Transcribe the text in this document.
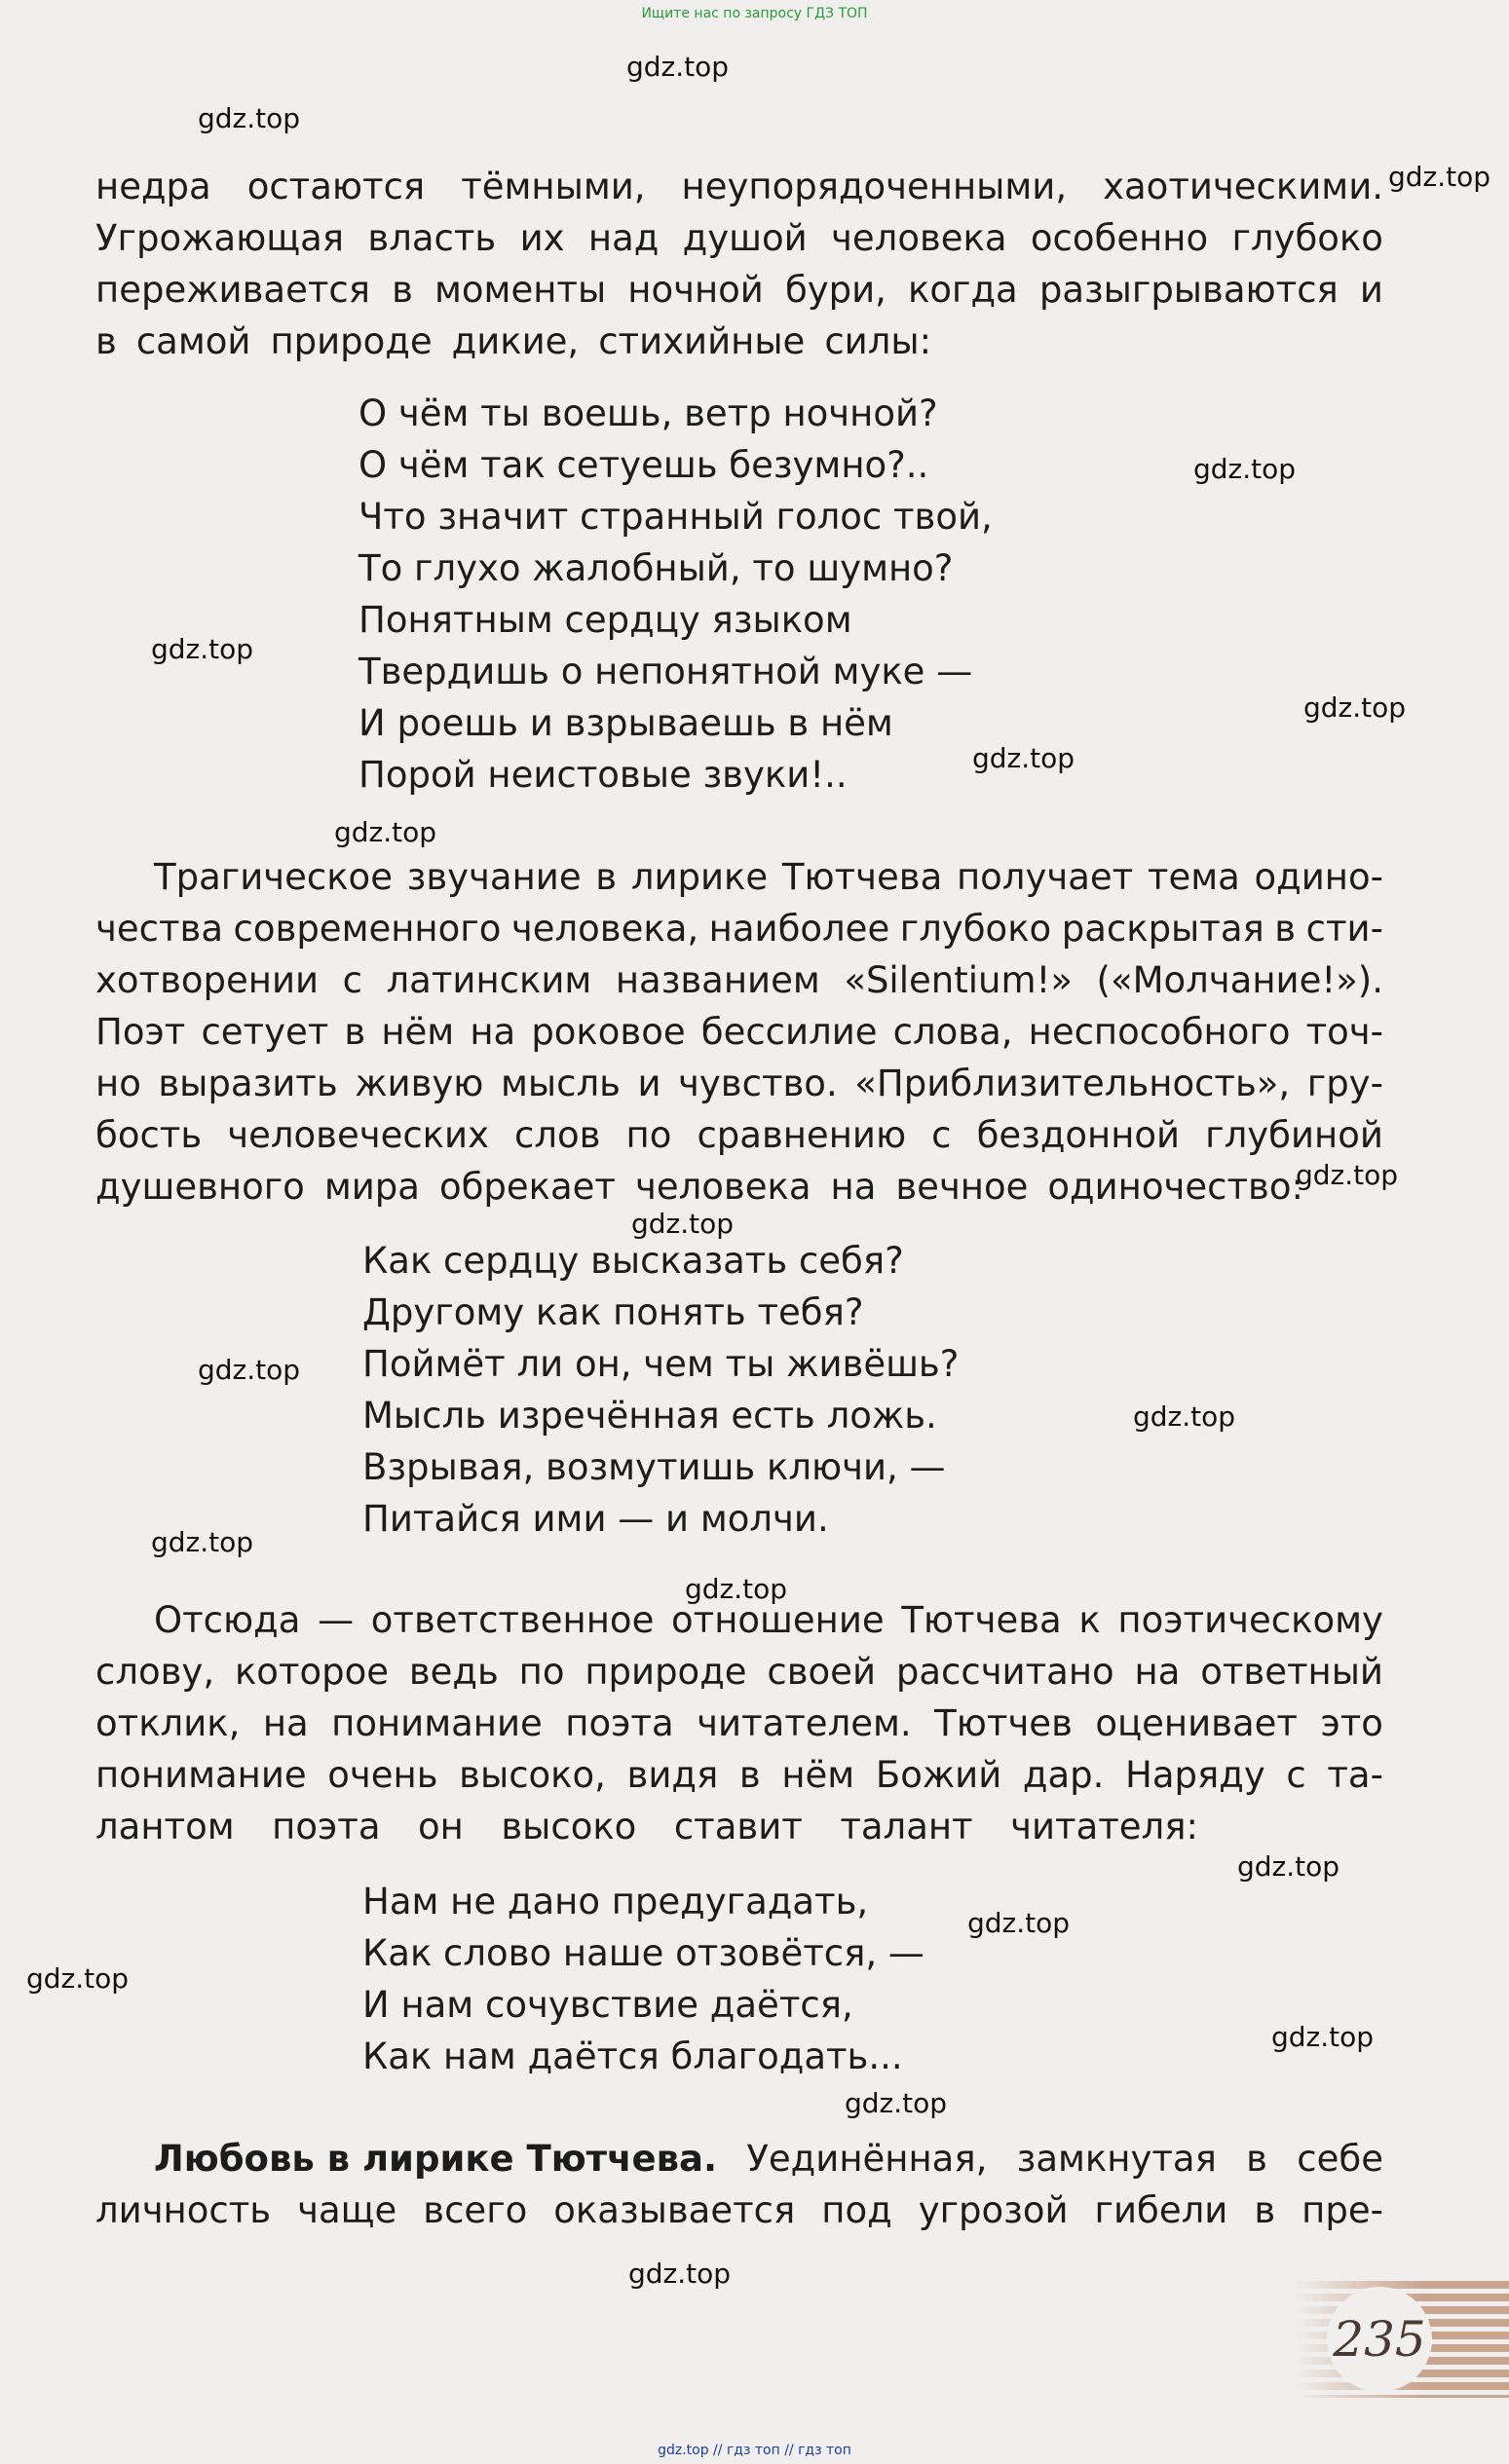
Ищите нас по запросу ГДЗ ТОП
gdz.top
gdz.top
gdz.top
gdz.top
gdz.top
gdz.top
gdz.top
gdz.top
gdz.top
gdz.top
gdz.top
gdz.top
gdz.top
gdz.top
gdz.top
gdz.top
gdz.top
gdz.top
gdz.top
gdz.top
недра остаются тёмными, неупорядоченными, хаотическими.
Угрожающая власть их над душой человека особенно глубоко
переживается в моменты ночной бури, когда разыгрываются и
в самой природе дикие, стихийные силы:
О чём ты воешь, ветр ночной?
О чём так сетуешь безумно?..
Что значит странный голос твой,
То глухо жалобный, то шумно?
Понятным сердцу языком
Твердишь о непонятной муке —
И роешь и взрываешь в нём
Порой неистовые звуки!..
Трагическое звучание в лирике Тютчева получает тема одино-
чества современного человека, наиболее глубоко раскрытая в сти-
хотворении с латинским названием «Silentium!» («Молчание!»).
Поэт сетует в нём на роковое бессилие слова, неспособного точ-
но выразить живую мысль и чувство. «Приблизительность», гру-
бость человеческих слов по сравнению с бездонной глубиной
душевного мира обрекает человека на вечное одиночество:
Как сердцу высказать себя?
Другому как понять тебя?
Поймёт ли он, чем ты живёшь?
Мысль изречённая есть ложь.
Взрывая, возмутишь ключи, —
Питайся ими — и молчи.
Отсюда — ответственное отношение Тютчева к поэтическому
слову, которое ведь по природе своей рассчитано на ответный
отклик, на понимание поэта читателем. Тютчев оценивает это
понимание очень высоко, видя в нём Божий дар. Наряду с та-
лантом поэта он высоко ставит талант читателя:
Нам не дано предугадать,
Как слово наше отзовётся, —
И нам сочувствие даётся,
Как нам даётся благодать...
Любовь в лирике Тютчева. Уединённая, замкнутая в себе
личность чаще всего оказывается под угрозой гибели в пре-
235
gdz.top // гдз топ // гдз топ
